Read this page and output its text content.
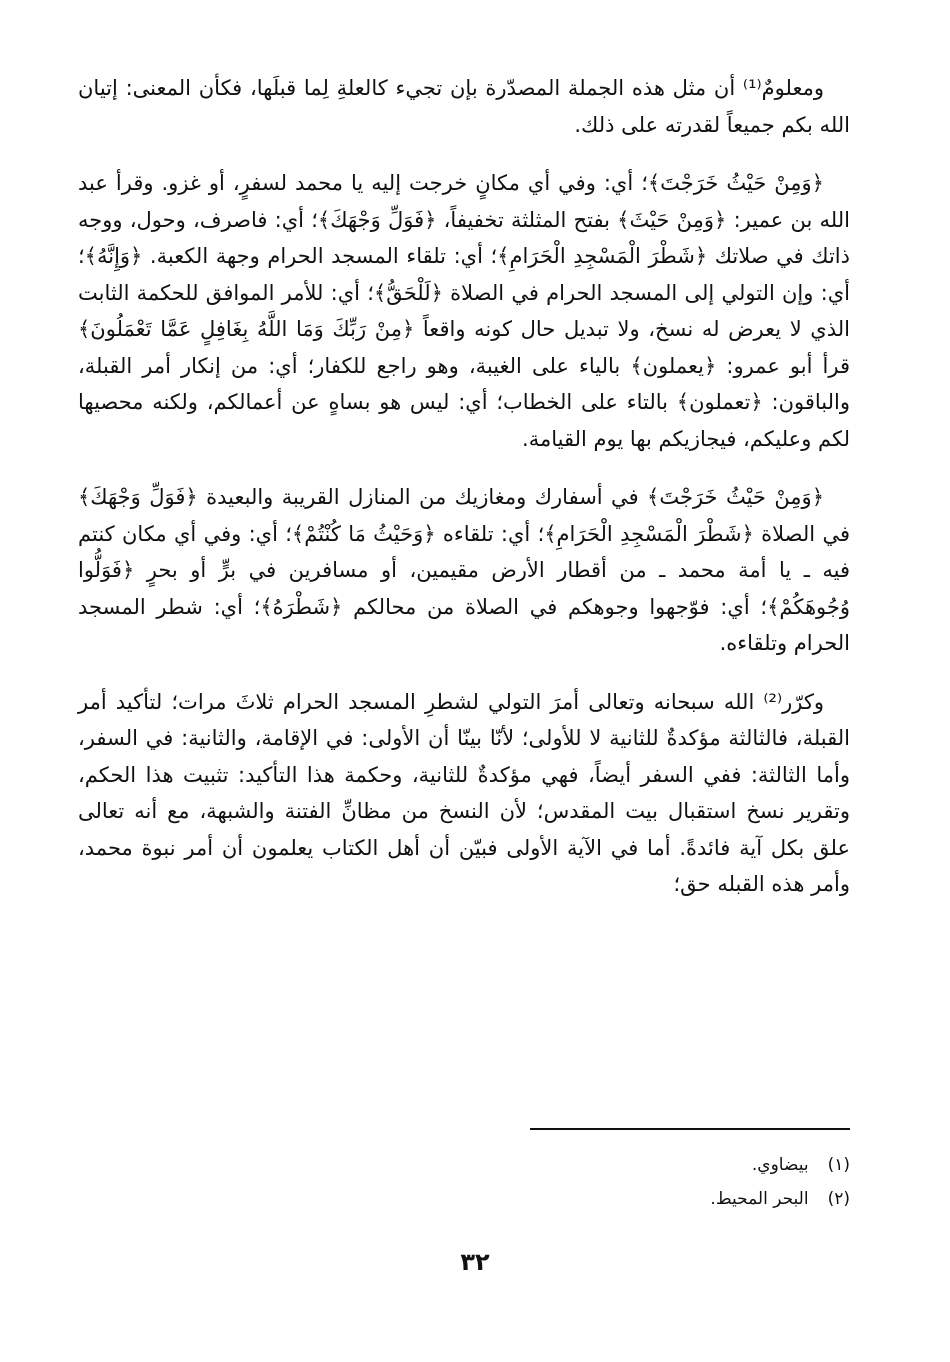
ومعلومٌ⁽¹⁾ أن مثل هذه الجملة المصدّرة بإن تجيء كالعلةِ لِما قبلَها، فكأن المعنى: إتيان الله بكم جميعاً لقدرته على ذلك.

﴿وَمِنْ حَيْثُ خَرَجْتَ﴾؛ أي: وفي أي مكانٍ خرجت إليه يا محمد لسفرٍ، أو غزو. وقرأ عبد الله بن عمير: ﴿وَمِنْ حَيْثَ﴾ بفتح المثلثة تخفيفاً، ﴿فَوَلِّ وَجْهَكَ﴾؛ أي: فاصرف، وحول، ووجه ذاتك في صلاتك ﴿شَطْرَ الْمَسْجِدِ الْحَرَامِ﴾؛ أي: تلقاء المسجد الحرام وجهة الكعبة. ﴿وَإِنَّهُ﴾؛ أي: وإن التولي إلى المسجد الحرام في الصلاة ﴿لَلْحَقُّ﴾؛ أي: للأمر الموافق للحكمة الثابت الذي لا يعرض له نسخ، ولا تبديل حال كونه واقعاً ﴿مِنْ رَبِّكَ وَمَا اللَّهُ بِغَافِلٍ عَمَّا تَعْمَلُونَ﴾ قرأ أبو عمرو: ﴿يعملون﴾ بالياء على الغيبة، وهو راجع للكفار؛ أي: من إنكار أمر القبلة، والباقون: ﴿تعملون﴾ بالتاء على الخطاب؛ أي: ليس هو بساهٍ عن أعمالكم، ولكنه محصيها لكم وعليكم، فيجازيكم بها يوم القيامة.

﴿وَمِنْ حَيْثُ خَرَجْتَ﴾ في أسفارك ومغازيك من المنازل القريبة والبعيدة ﴿فَوَلِّ وَجْهَكَ﴾ في الصلاة ﴿شَطْرَ الْمَسْجِدِ الْحَرَامِ﴾؛ أي: تلقاءه ﴿وَحَيْثُ مَا كُنْتُمْ﴾؛ أي: وفي أي مكان كنتم فيه ـ يا أمة محمد ـ من أقطار الأرض مقيمين، أو مسافرين في برٍّ أو بحرٍ ﴿فَوَلُّوا وُجُوهَكُمْ﴾؛ أي: فوّجهوا وجوهكم في الصلاة من محالكم ﴿شَطْرَهُ﴾؛ أي: شطر المسجد الحرام وتلقاءه.

وكرّر⁽²⁾ الله سبحانه وتعالى أمرَ التولي لشطرِ المسجد الحرام ثلاثَ مرات؛ لتأكيد أمر القبلة، فالثالثة مؤكدةٌ للثانية لا للأولى؛ لأنّا بينّا أن الأولى: في الإقامة، والثانية: في السفر، وأما الثالثة: ففي السفر أيضاً، فهي مؤكدةٌ للثانية، وحكمة هذا التأكيد: تثبيت هذا الحكم، وتقرير نسخ استقبال بيت المقدس؛ لأن النسخ من مظانِّ الفتنة والشبهة، مع أنه تعالى علق بكل آية فائدةً. أما في الآية الأولى فبيّن أن أهل الكتاب يعلمون أن أمر نبوة محمد، وأمر هذه القبله حق؛

(١) بيضاوي.
(٢) البحر المحيط.
٣٢
